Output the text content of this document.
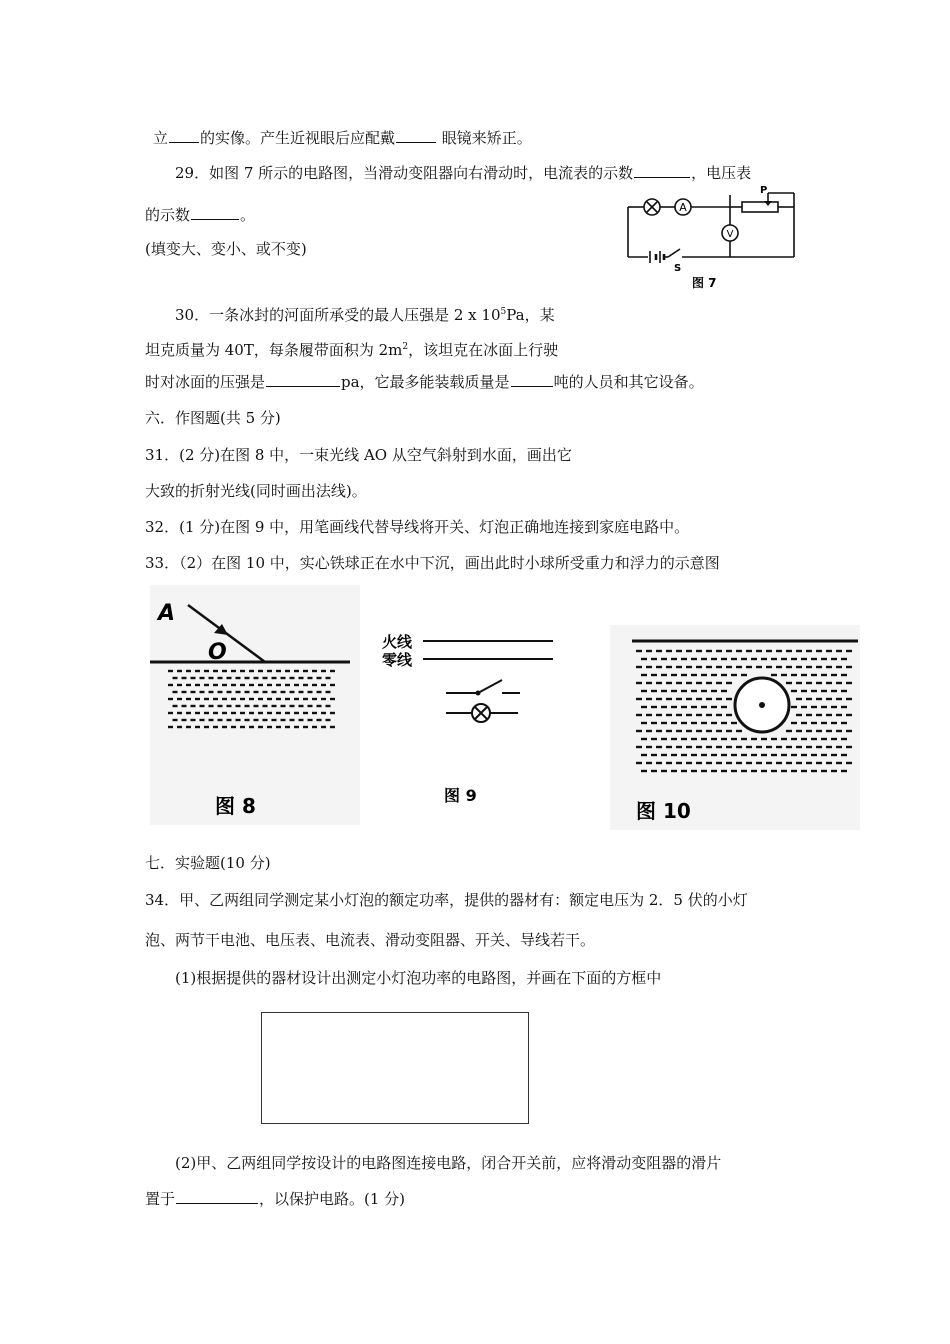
立 的实像。产生近视眼后应配戴	眼镜来矫正。
29．如图 7 所示的电路图，当滑动变阻器向右滑动时，电流表的示数	，电压表
的示数	。
(填变大、变小、或不变)
A
V
P
S
图 7
30．一条冰封的河面所承受的最人压强是 2 x $10^5Pa$，某
坦克质量为 40T，每条履带面积为 $2m^2$，该坦克在冰面上行驶
时对冰面的压强是	pa，它最多能装载质量是	吨的人员和其它设备。
六．作图题(共 5 分)
31．(2 分)在图 8 中，一束光线 AO 从空气斜射到水面，画出它
大致的折射光线(同时画出法线)。
32．(1 分)在图 9 中，用笔画线代替导线将开关、灯泡正确地连接到家庭电路中。
33．（2）在图 10 中，实心铁球正在水中下沉，画出此时小球所受重力和浮力的示意图
A
O
图 8
火线
零线
图 9
图 10
七．实验题(10 分)
34．甲、乙两组同学测定某小灯泡的额定功率，提供的器材有：额定电压为 2．5 伏的小灯
泡、两节干电池、电压表、电流表、滑动变阻器、开关、导线若干。
(1)根据提供的器材设计出测定小灯泡功率的电路图，并画在下面的方框中
(2)甲、乙两组同学按设计的电路图连接电路，闭合开关前，应将滑动变阻器的滑片
置于	，以保护电路。(1 分)
